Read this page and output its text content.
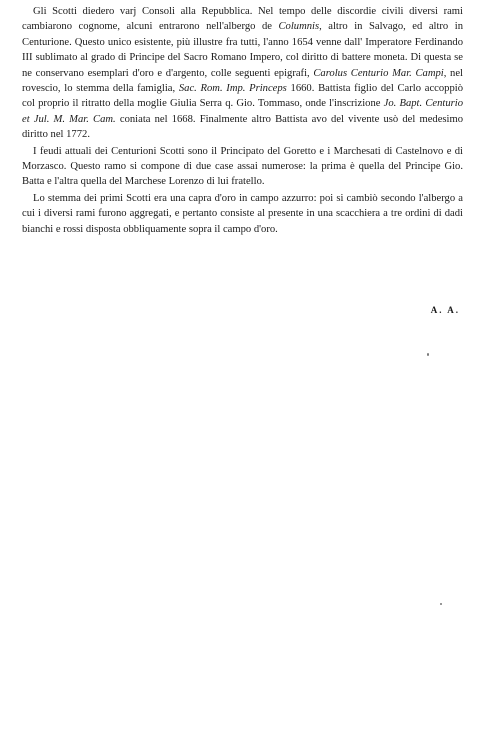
Gli Scotti diedero varj Consoli alla Repubblica. Nel tempo delle discordie civili diversi rami cambiarono cognome, alcuni entrarono nell'albergo de Columnis, altro in Salvago, ed altro in Centurione. Questo unico esistente, più illustre fra tutti, l'anno 1654 venne dall' Imperatore Ferdinando III sublimato al grado di Principe del Sacro Romano Impero, col diritto di battere moneta. Di questa se ne conservano esemplari d'oro e d'argento, colle seguenti epigrafi, Carolus Centurio Mar. Campi, nel rovescio, lo stemma della famiglia, Sac. Rom. Imp. Princeps 1660. Battista figlio del Carlo accoppiò col proprio il ritratto della moglie Giulia Serra q. Gio. Tommaso, onde l'inscrizione Jo. Bapt. Centurio et Jul. M. Mar. Cam. coniata nel 1668. Finalmente altro Battista avo del vivente usò del medesimo diritto nel 1772.

I feudi attuali dei Centurioni Scotti sono il Principato del Goretto e i Marchesati di Castelnovo e di Morzasco. Questo ramo si compone di due case assai numerose: la prima è quella del Principe Gio. Batta e l'altra quella del Marchese Lorenzo di lui fratello.

Lo stemma dei primi Scotti era una capra d'oro in campo azzurro: poi si cambiò secondo l'albergo a cui i diversi rami furono aggregati, e pertanto consiste al presente in una scacchiera a tre ordini di dadi bianchi e rossi disposta obbliquamente sopra il campo d'oro.

A. A.
